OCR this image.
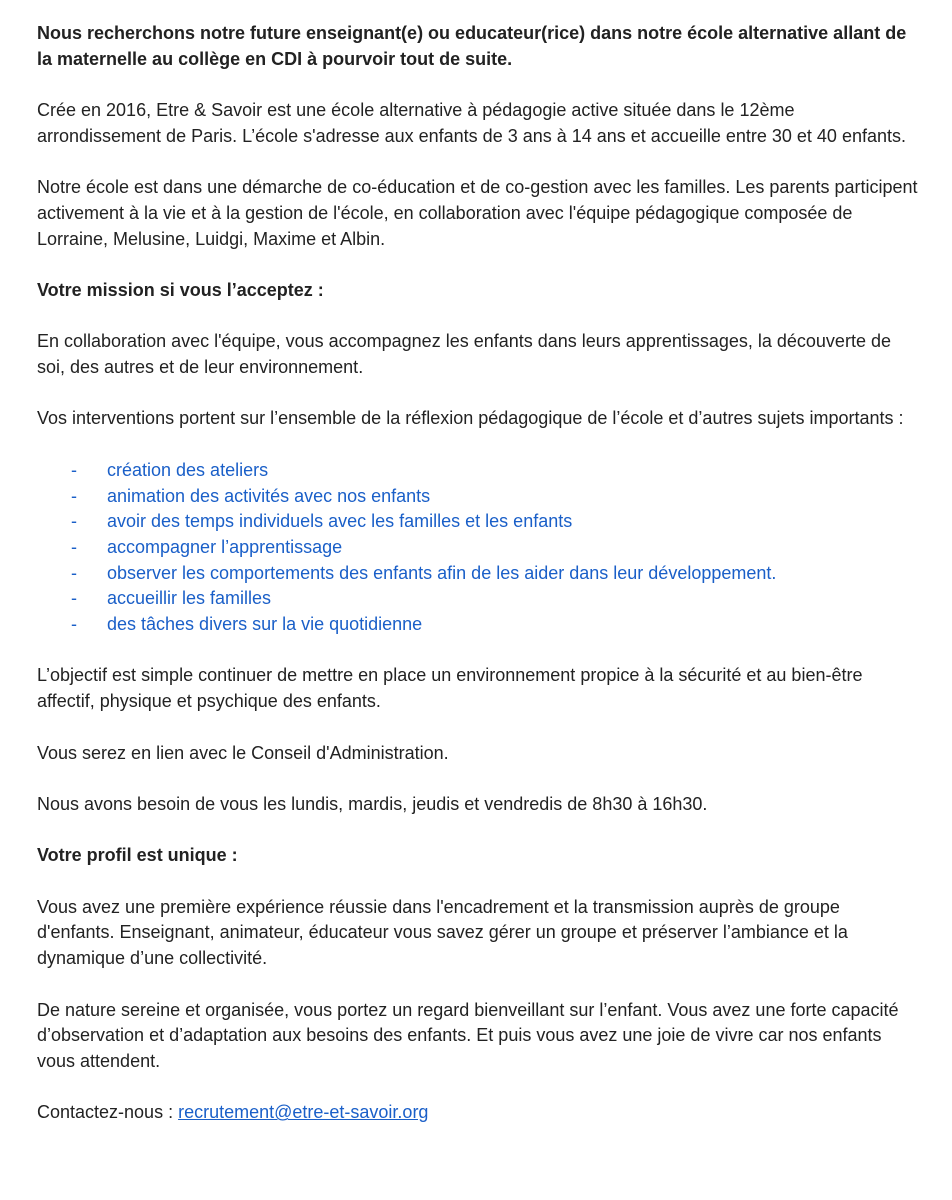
Nous recherchons notre future enseignant(e) ou educateur(rice) dans notre école alternative allant de la maternelle au collège en CDI à pourvoir tout de suite.

Crée en 2016, Etre & Savoir est une école alternative à pédagogie active située dans le 12ème arrondissement de Paris. L’école s'adresse aux enfants de 3 ans à 14 ans et accueille entre 30 et 40 enfants.

Notre école est dans une démarche de co-éducation et de co-gestion avec les familles. Les parents participent activement à la vie et à la gestion de l'école, en collaboration avec l'équipe pédagogique composée de Lorraine, Melusine, Luidgi, Maxime et Albin.

Votre mission si vous l’acceptez :

En collaboration avec l'équipe, vous accompagnez les enfants dans leurs apprentissages, la découverte de soi, des autres et de leur environnement.

Vos interventions portent sur l’ensemble de la réflexion pédagogique de l’école et d’autres sujets importants :

- création des ateliers
- animation des activités avec nos enfants
- avoir des temps individuels avec les familles et les enfants
- accompagner l’apprentissage
- observer les comportements des enfants afin de les aider dans leur développement.
- accueillir les familles
- des tâches divers sur la vie quotidienne

L’objectif est simple continuer de mettre en place un environnement propice à la sécurité et au bien-être affectif, physique et psychique des enfants.

Vous serez en lien avec le Conseil d'Administration.

Nous avons besoin de vous les lundis, mardis, jeudis et vendredis de 8h30 à 16h30.

Votre profil est unique :

Vous avez une première expérience réussie dans l'encadrement et la transmission auprès de groupe d'enfants. Enseignant, animateur, éducateur vous savez gérer un groupe et préserver l’ambiance et la dynamique d’une collectivité.

De nature sereine et organisée, vous portez un regard bienveillant sur l’enfant. Vous avez une forte capacité d’observation et d’adaptation aux besoins des enfants. Et puis vous avez une joie de vivre car nos enfants vous attendent.

Contactez-nous : recrutement@etre-et-savoir.org
